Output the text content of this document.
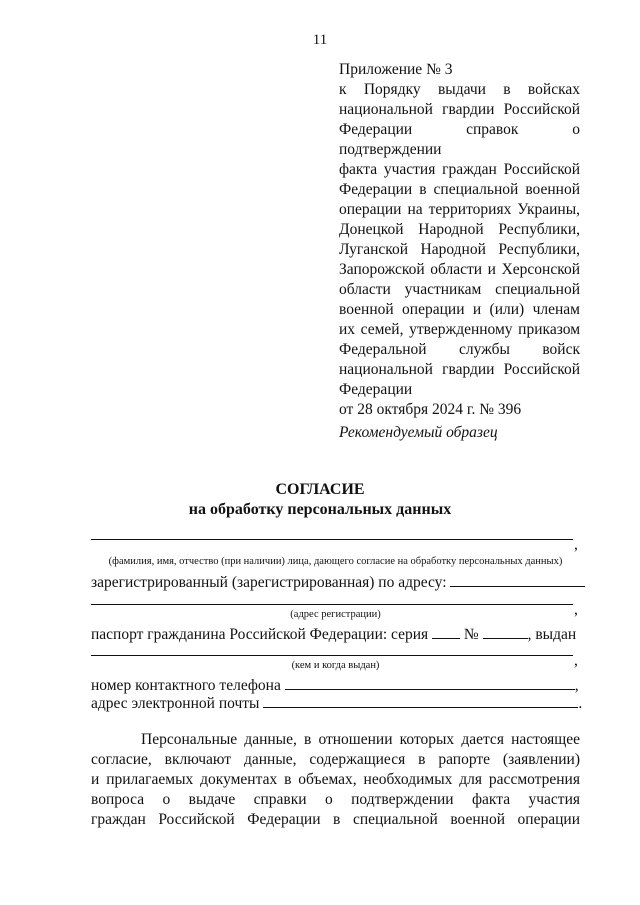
11
Приложение № 3
к Порядку выдачи в войсках
национальной гвардии Российской
Федерации справок о подтверждении
факта участия граждан Российской
Федерации в специальной военной
операции на территориях Украины,
Донецкой Народной Республики,
Луганской Народной Республики,
Запорожской области и Херсонской
области участникам специальной
военной операции и (или) членам
их семей, утвержденному приказом
Федеральной службы войск
национальной гвардии Российской
Федерации
от 28 октября 2024 г. № 396
Рекомендуемый образец
СОГЛАСИЕ
на обработку персональных данных
,
(фамилия, имя, отчество (при наличии) лица, дающего согласие на обработку персональных данных)
зарегистрированный (зарегистрированная) по адресу:
,
(адрес регистрации)
паспорт гражданина Российской Федерации: серия №	, выдан
,
(кем и когда выдан)
номер контактного телефона	,
адрес электронной почты	.
Персональные данные, в отношении которых дается настоящее
согласие, включают данные, содержащиеся в рапорте (заявлении)
и прилагаемых документах в объемах, необходимых для рассмотрения
вопроса о выдаче справки о подтверждении факта участия
граждан Российской Федерации в специальной военной операции
